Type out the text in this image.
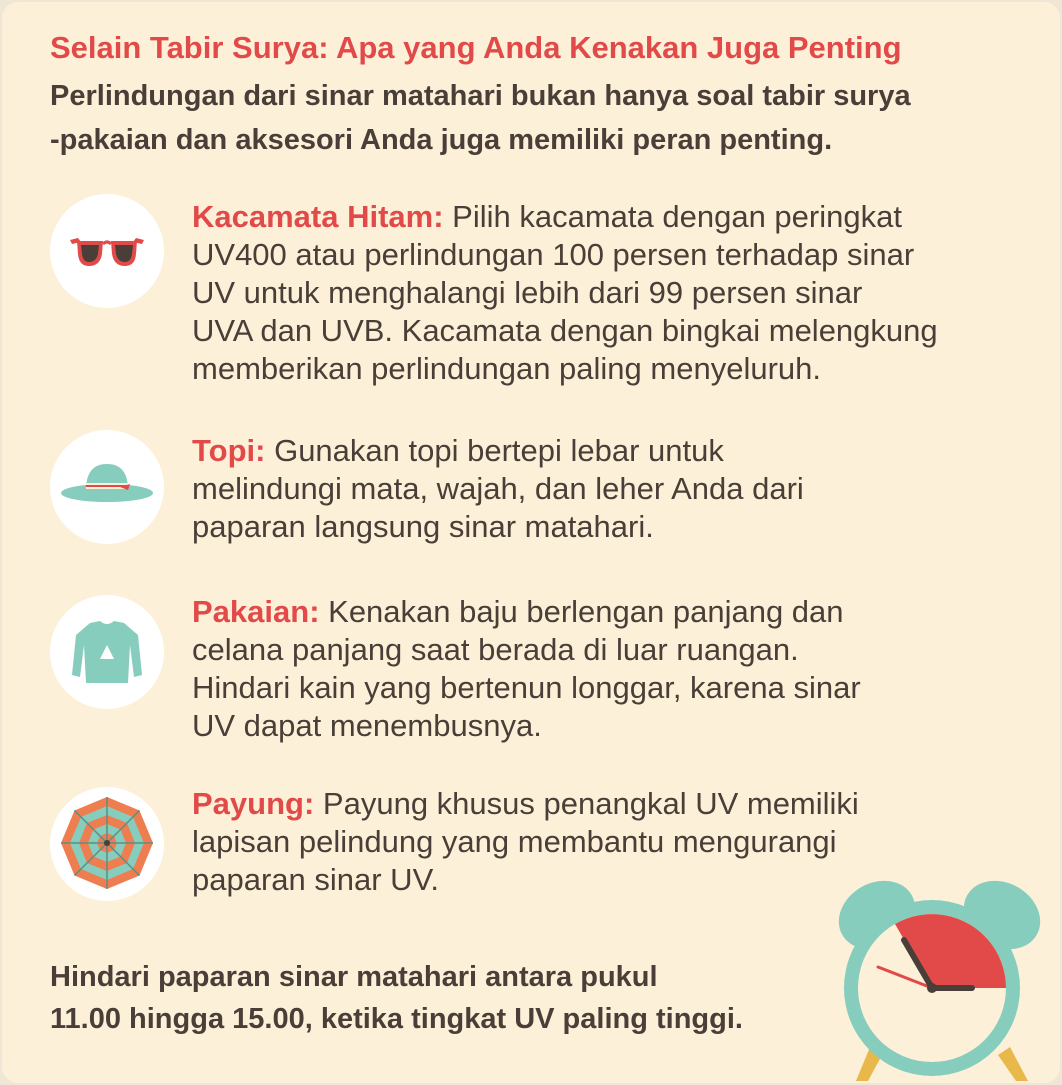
Selain Tabir Surya: Apa yang Anda Kenakan Juga Penting
Perlindungan dari sinar matahari bukan hanya soal tabir surya
-pakaian dan aksesori Anda juga memiliki peran penting.
Kacamata Hitam: Pilih kacamata dengan peringkat
UV400 atau perlindungan 100 persen terhadap sinar
UV untuk menghalangi lebih dari 99 persen sinar
UVA dan UVB. Kacamata dengan bingkai melengkung
memberikan perlindungan paling menyeluruh.
Topi: Gunakan topi bertepi lebar untuk
melindungi mata, wajah, dan leher Anda dari
paparan langsung sinar matahari.
Pakaian: Kenakan baju berlengan panjang dan
celana panjang saat berada di luar ruangan.
Hindari kain yang bertenun longgar, karena sinar
UV dapat menembusnya.
Payung: Payung khusus penangkal UV memiliki
lapisan pelindung yang membantu mengurangi
paparan sinar UV.
Hindari paparan sinar matahari antara pukul
11.00 hingga 15.00, ketika tingkat UV paling tinggi.
